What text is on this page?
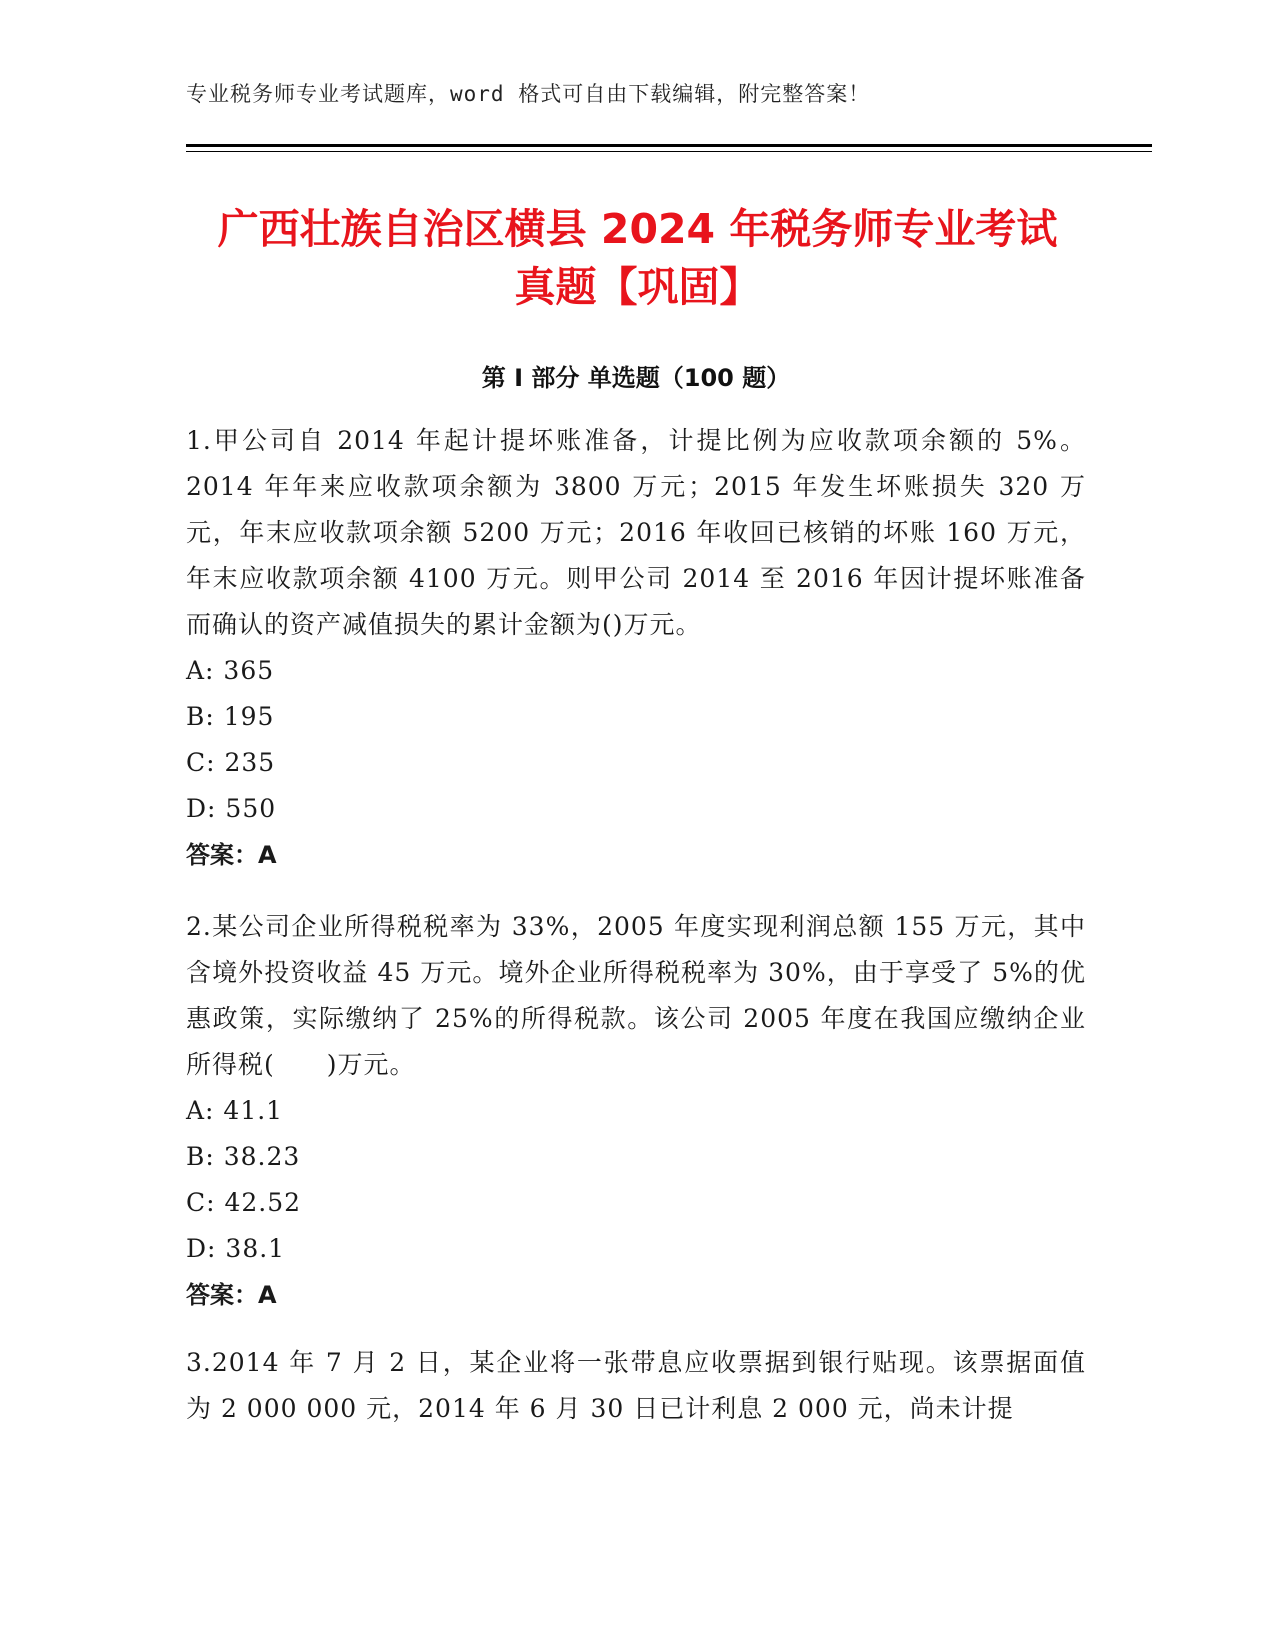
专业税务师专业考试题库，word 格式可自由下载编辑，附完整答案！
广西壮族自治区横县 2024 年税务师专业考试
真题【巩固】
第 I 部分 单选题（100 题）

1.甲公司自 2014 年起计提坏账准备，计提比例为应收款项余额的 5%。2014 年年来应收款项余额为 3800 万元；2015 年发生坏账损失 320 万元，年末应收款项余额 5200 万元；2016 年收回已核销的坏账 160 万元，年末应收款项余额 4100 万元。则甲公司 2014 至 2016 年因计提坏账准备而确认的资产减值损失的累计金额为()万元。

A: 365
B: 195
C: 235
D: 550
答案：A

2.某公司企业所得税税率为 33%，2005 年度实现利润总额 155 万元，其中含境外投资收益 45 万元。境外企业所得税税率为 30%，由于享受了 5%的优惠政策，实际缴纳了 25%的所得税款。该公司 2005 年度在我国应缴纳企业所得税(　　)万元。

A: 41.1
B: 38.23
C: 42.52
D: 38.1
答案：A

3.2014 年 7 月 2 日，某企业将一张带息应收票据到银行贴现。该票据面值为 2 000 000 元，2014 年 6 月 30 日已计利息 2 000 元，尚未计提
